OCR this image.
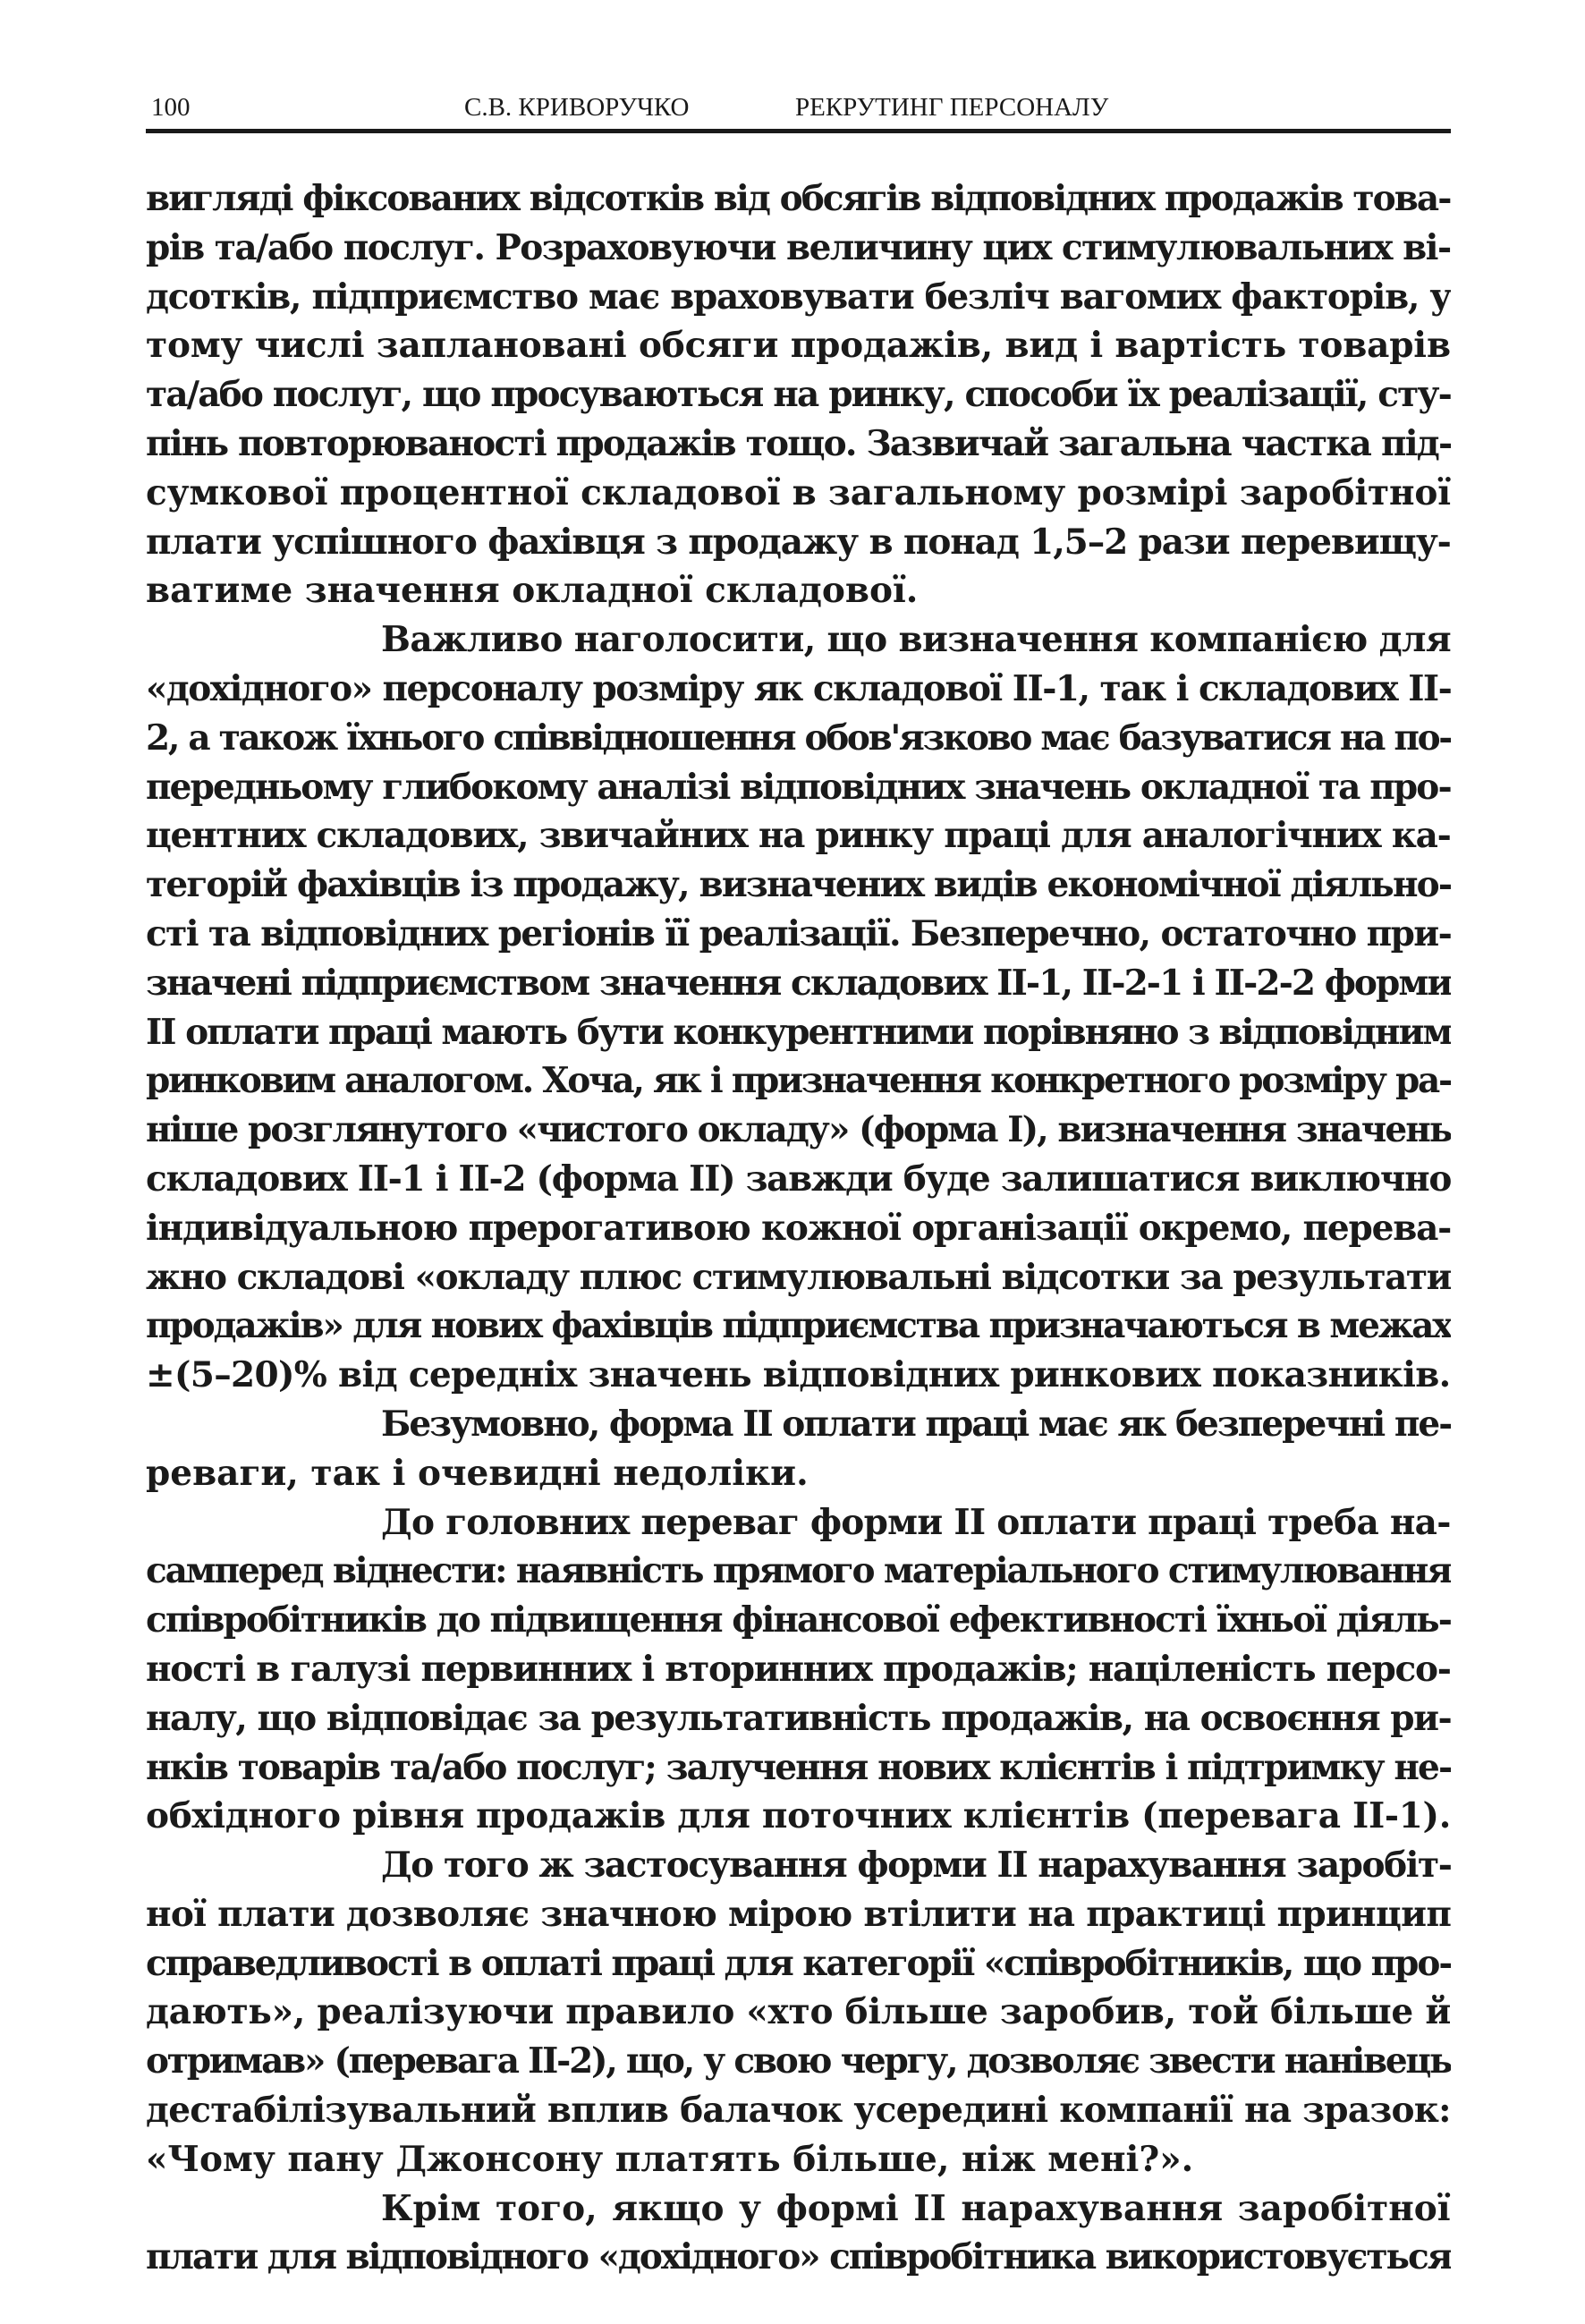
100	С.В. КРИВОРУЧКО	РЕКРУТИНГ ПЕРСОНАЛУ
вигляді фіксованих відсотків від обсягів відповідних продажів това-
рів та/або послуг. Розраховуючи величину цих стимулювальних ві-
дсотків, підприємство має враховувати безліч вагомих факторів, у
тому числі заплановані обсяги продажів, вид і вартість товарів
та/або послуг, що просуваються на ринку, способи їх реалізації, сту-
пінь повторюваності продажів тощо. Зазвичай загальна частка під-
сумкової процентної складової в загальному розмірі заробітної
плати успішного фахівця з продажу в понад 1,5–2 рази перевищу-
ватиме значення окладної складової.
Важливо наголосити, що визначення компанією для
«дохідного» персоналу розміру як складової II-1, так і складових II-
2, а також їхнього співвідношення обов'язково має базуватися на по-
передньому глибокому аналізі відповідних значень окладної та про-
центних складових, звичайних на ринку праці для аналогічних ка-
тегорій фахівців із продажу, визначених видів економічної діяльно-
сті та відповідних регіонів її реалізації. Безперечно, остаточно при-
значені підприємством значення складових II-1, II-2-1 і II-2-2 форми
II оплати праці мають бути конкурентними порівняно з відповідним
ринковим аналогом. Хоча, як і призначення конкретного розміру ра-
ніше розглянутого «чистого окладу» (форма I), визначення значень
складових II-1 і II-2 (форма II) завжди буде залишатися виключно
індивідуальною прерогативою кожної організації окремо, перева-
жно складові «окладу плюс стимулювальні відсотки за результати
продажів» для нових фахівців підприємства призначаються в межах
±(5–20)% від середніх значень відповідних ринкових показників.
Безумовно, форма II оплати праці має як безперечні пе-
реваги, так і очевидні недоліки.
До головних переваг форми II оплати праці треба на-
самперед віднести: наявність прямого матеріального стимулювання
співробітників до підвищення фінансової ефективності їхньої діяль-
ності в галузі первинних і вторинних продажів; націленість персо-
налу, що відповідає за результативність продажів, на освоєння ри-
нків товарів та/або послуг; залучення нових клієнтів і підтримку не-
обхідного рівня продажів для поточних клієнтів (перевага II-1).
До того ж застосування форми II нарахування заробіт-
ної плати дозволяє значною мірою втілити на практиці принцип
справедливості в оплаті праці для категорії «співробітників, що про-
дають», реалізуючи правило «хто більше заробив, той більше й
отримав» (перевага II-2), що, у свою чергу, дозволяє звести нанівець
дестабілізувальний вплив балачок усередині компанії на зразок:
«Чому пану Джонсону платять більше, ніж мені?».
Крім того, якщо у формі II нарахування заробітної
плати для відповідного «дохідного» співробітника використовується
